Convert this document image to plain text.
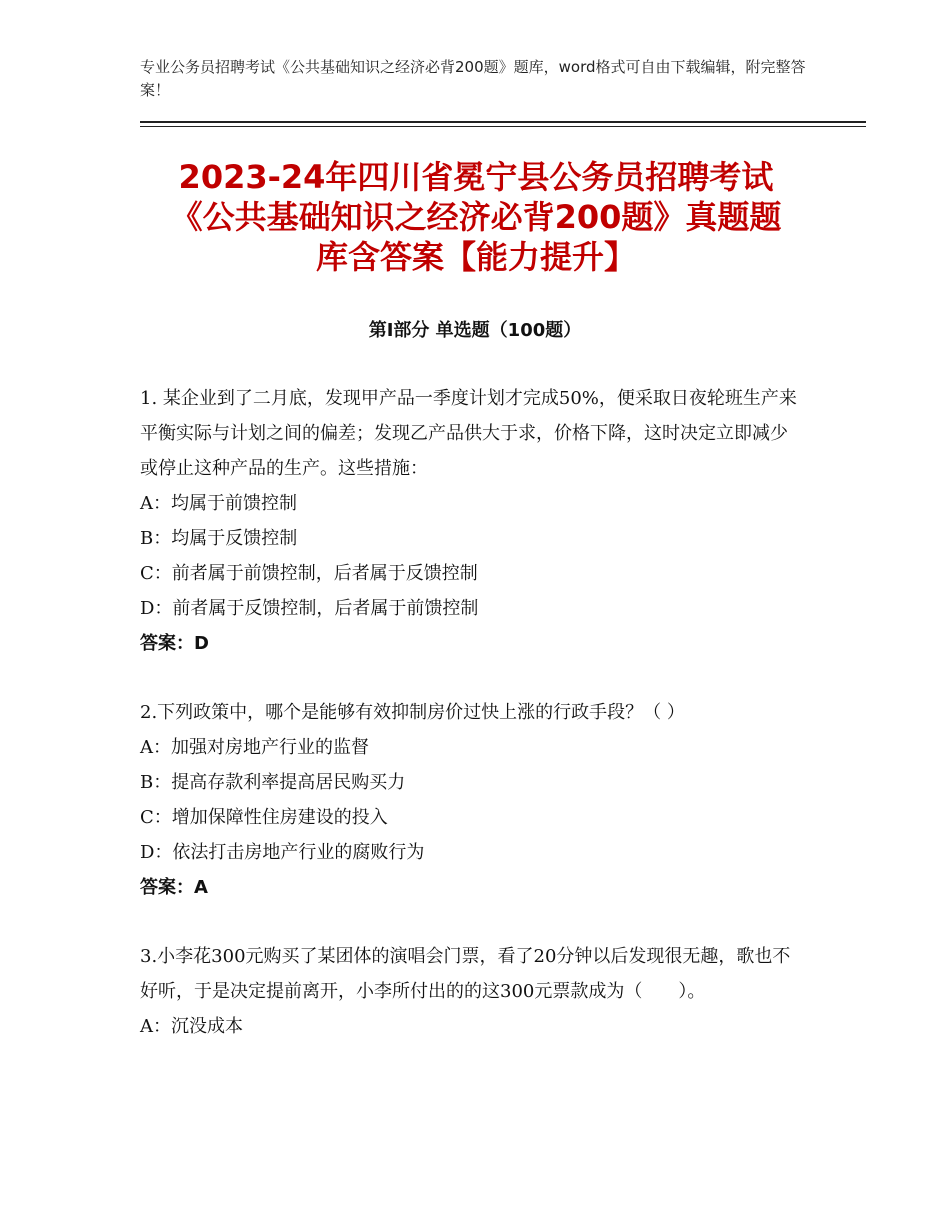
专业公务员招聘考试《公共基础知识之经济必背200题》题库，word格式可自由下载编辑，附完整答案！
2023-24年四川省冕宁县公务员招聘考试
《公共基础知识之经济必背200题》真题题
库含答案【能力提升】
第Ⅰ部分 单选题（100题）

1. 某企业到了二月底，发现甲产品一季度计划才完成50%，便采取日夜轮班生产来平衡实际与计划之间的偏差；发现乙产品供大于求，价格下降，这时决定立即减少或停止这种产品的生产。这些措施：

A：均属于前馈控制
B：均属于反馈控制
C：前者属于前馈控制，后者属于反馈控制
D：前者属于反馈控制，后者属于前馈控制
答案：D

2.下列政策中，哪个是能够有效抑制房价过快上涨的行政手段？（ ）

A：加强对房地产行业的监督
B：提高存款利率提高居民购买力
C：增加保障性住房建设的投入
D：依法打击房地产行业的腐败行为
答案：A

3.小李花300元购买了某团体的演唱会门票，看了20分钟以后发现很无趣，歌也不好听，于是决定提前离开，小李所付出的的这300元票款成为（　　）。

A：沉没成本
